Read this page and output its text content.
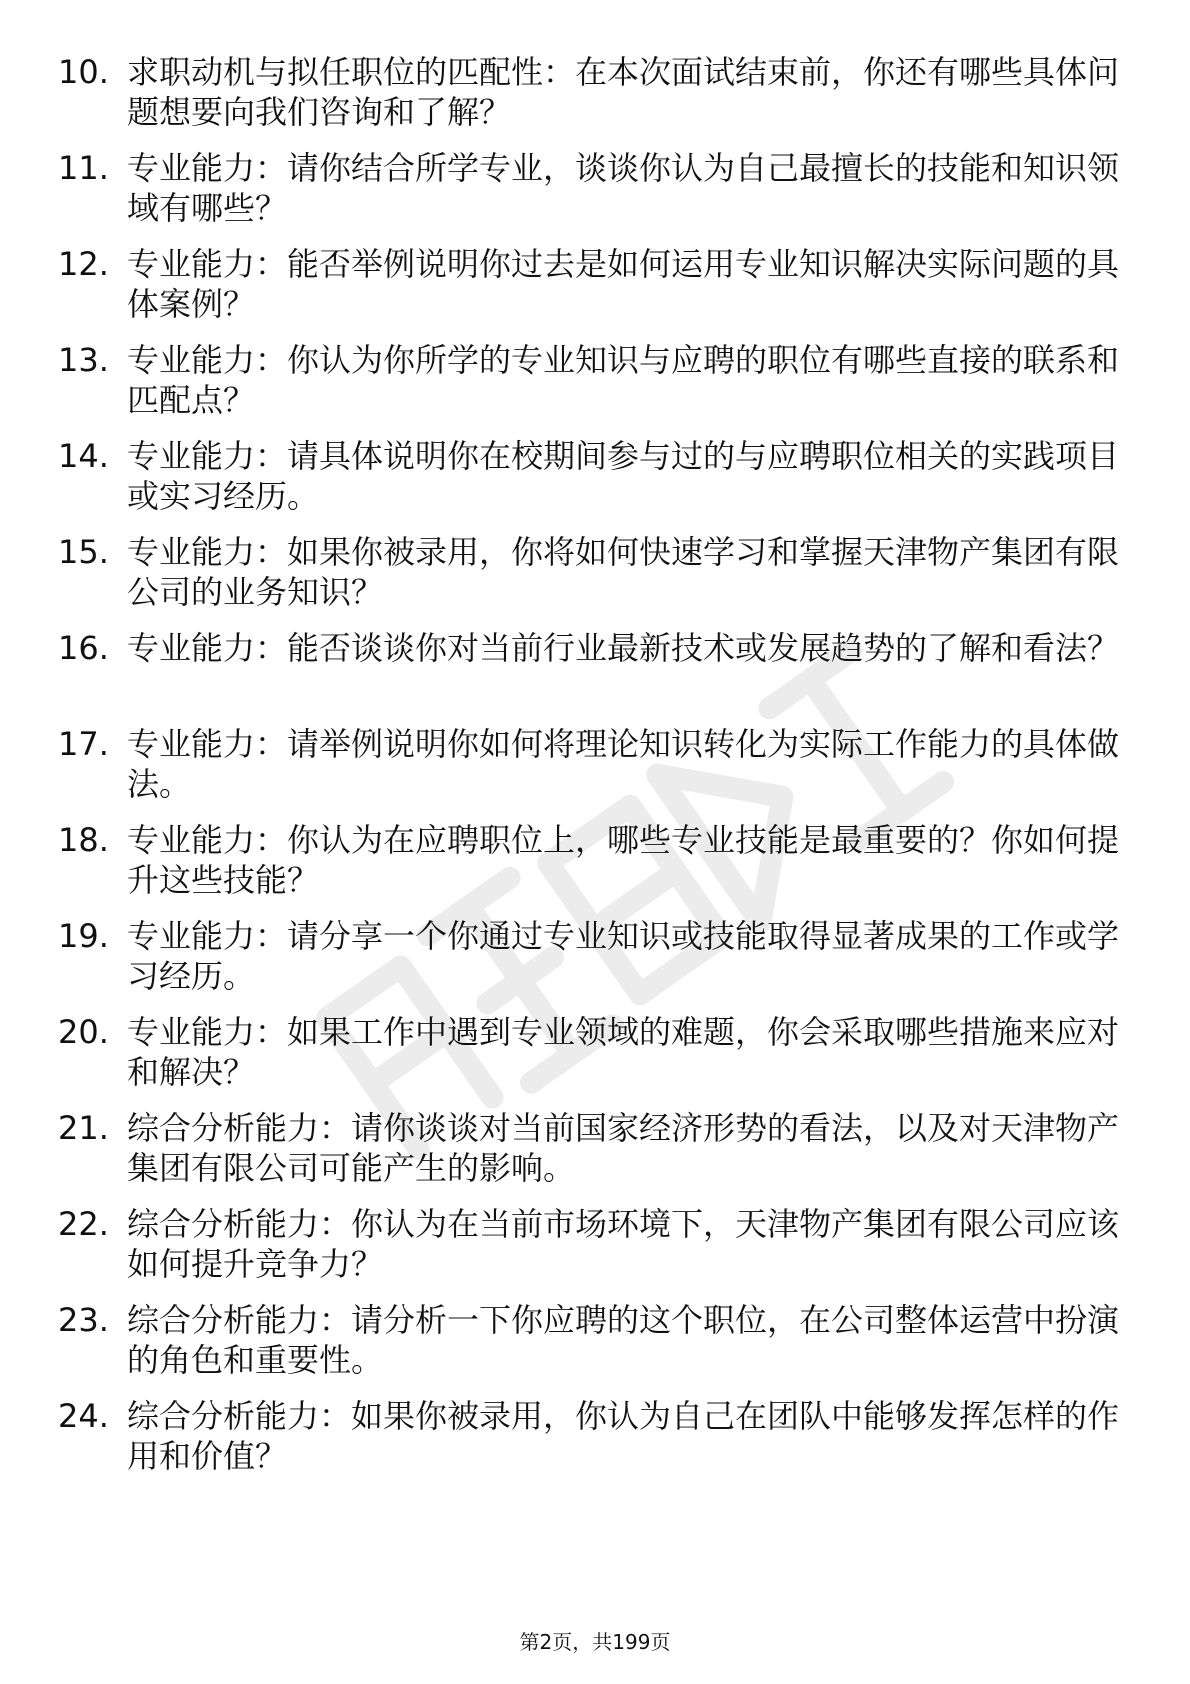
10. 求职动机与拟任职位的匹配性：在本次面试结束前，你还有哪些具体问题想要向我们咨询和了解？
11. 专业能力：请你结合所学专业，谈谈你认为自己最擅长的技能和知识领域有哪些？
12. 专业能力：能否举例说明你过去是如何运用专业知识解决实际问题的具体案例？
13. 专业能力：你认为你所学的专业知识与应聘的职位有哪些直接的联系和匹配点？
14. 专业能力：请具体说明你在校期间参与过的与应聘职位相关的实践项目或实习经历。
15. 专业能力：如果你被录用，你将如何快速学习和掌握天津物产集团有限公司的业务知识？
16. 专业能力：能否谈谈你对当前行业最新技术或发展趋势的了解和看法？
17. 专业能力：请举例说明你如何将理论知识转化为实际工作能力的具体做法。
18. 专业能力：你认为在应聘职位上，哪些专业技能是最重要的？你如何提升这些技能？
19. 专业能力：请分享一个你通过专业知识或技能取得显著成果的工作或学习经历。
20. 专业能力：如果工作中遇到专业领域的难题，你会采取哪些措施来应对和解决？
21. 综合分析能力：请你谈谈对当前国家经济形势的看法，以及对天津物产集团有限公司可能产生的影响。
22. 综合分析能力：你认为在当前市场环境下，天津物产集团有限公司应该如何提升竞争力？
23. 综合分析能力：请分析一下你应聘的这个职位，在公司整体运营中扮演的角色和重要性。
24. 综合分析能力：如果你被录用，你认为自己在团队中能够发挥怎样的作用和价值？
第2页，共199页
